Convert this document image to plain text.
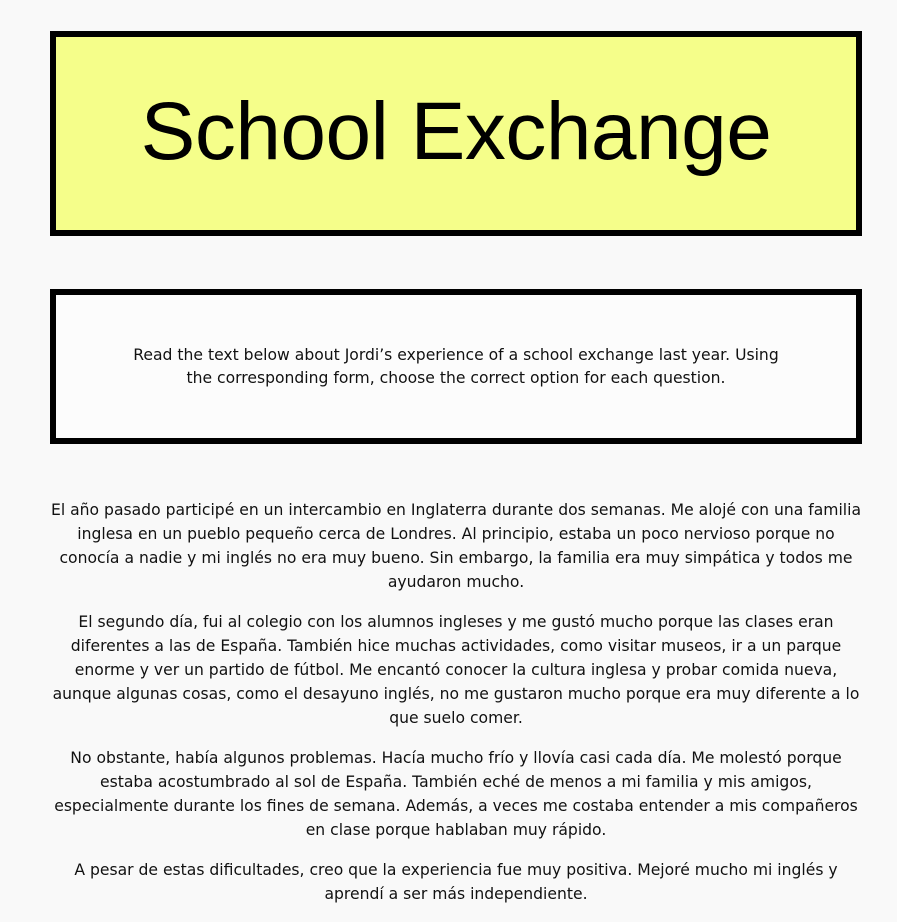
School Exchange

Read the text below about Jordi’s experience of a school exchange last year. Using the corresponding form, choose the correct option for each question.

El año pasado participé en un intercambio en Inglaterra durante dos semanas. Me alojé con una familia inglesa en un pueblo pequeño cerca de Londres. Al principio, estaba un poco nervioso porque no conocía a nadie y mi inglés no era muy bueno. Sin embargo, la familia era muy simpática y todos me ayudaron mucho.

El segundo día, fui al colegio con los alumnos ingleses y me gustó mucho porque las clases eran diferentes a las de España. También hice muchas actividades, como visitar museos, ir a un parque enorme y ver un partido de fútbol. Me encantó conocer la cultura inglesa y probar comida nueva, aunque algunas cosas, como el desayuno inglés, no me gustaron mucho porque era muy diferente a lo que suelo comer.

No obstante, había algunos problemas. Hacía mucho frío y llovía casi cada día. Me molestó porque estaba acostumbrado al sol de España. También eché de menos a mi familia y mis amigos, especialmente durante los fines de semana. Además, a veces me costaba entender a mis compañeros en clase porque hablaban muy rápido.

A pesar de estas dificultades, creo que la experiencia fue muy positiva. Mejoré mucho mi inglés y aprendí a ser más independiente.
